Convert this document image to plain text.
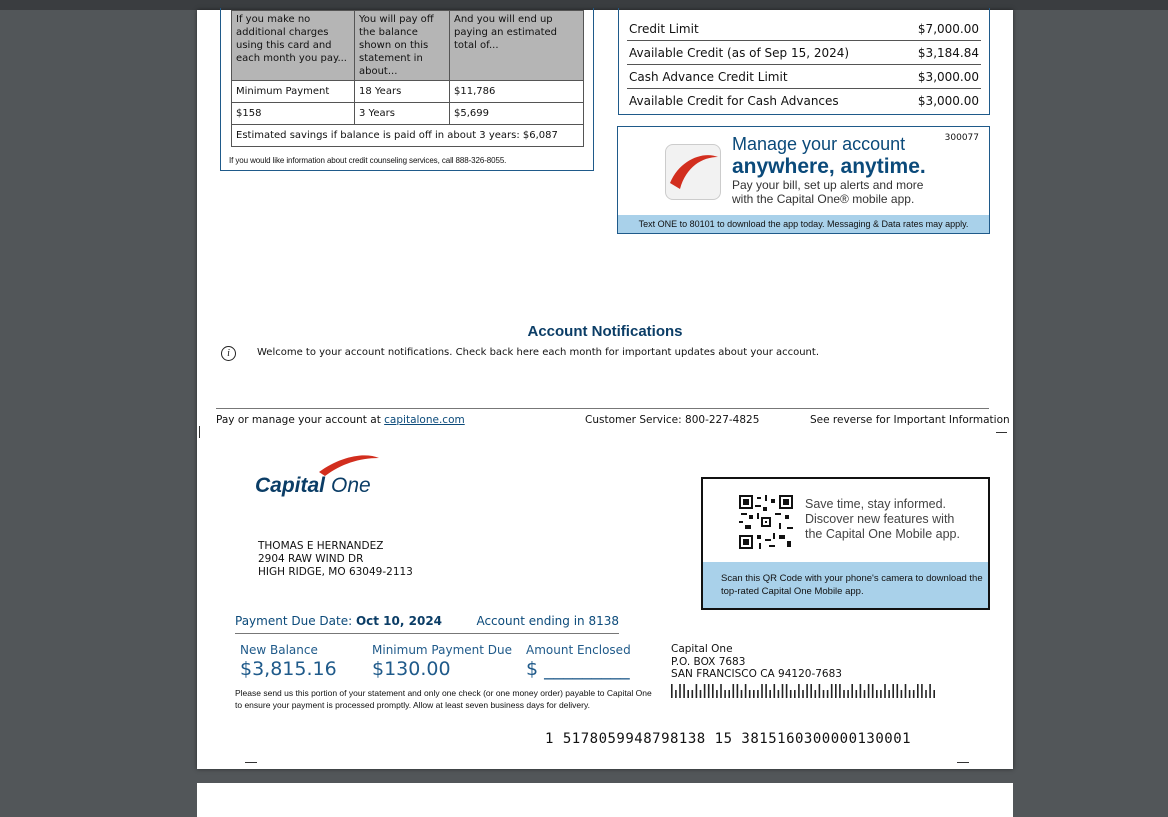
If you make no additional charges using this card and each month you pay...	You will pay off the balance shown on this statement in about...	And you will end up paying an estimated total of...
Minimum Payment	18 Years	$11,786
$158	3 Years	$5,699
Estimated savings if balance is paid off in about 3 years: $6,087		
If you would like information about credit counseling services, call 888-326-8055.
Credit Limit	$7,000.00
Available Credit (as of Sep 15, 2024)	$3,184.84
Cash Advance Credit Limit	$3,000.00
Available Credit for Cash Advances	$3,000.00
300077
Manage your account
anywhere, anytime.
Pay your bill, set up alerts and more
with the Capital One® mobile app.
Text ONE to 80101 to download the app today. Messaging & Data rates may apply.
Account Notifications
i	Welcome to your account notifications. Check back here each month for important updates about your account.
Pay or manage your account at capitalone.com	Customer Service: 800-227-4825	See reverse for Important Information
Capital One
THOMAS E HERNANDEZ
2904 RAW WIND DR
HIGH RIDGE, MO 63049-2113
Save time, stay informed.
Discover new features with
the Capital One Mobile app.
Scan this QR Code with your phone's camera to download the
top-rated Capital One Mobile app.
Payment Due Date: Oct 10, 2024	Account ending in 8138
New Balance
$3,815.16
Minimum Payment Due
$130.00
Amount Enclosed
$ _________
Please send us this portion of your statement and only one check (or one money order) payable to Capital One
to ensure your payment is processed promptly. Allow at least seven business days for delivery.
Capital One
P.O. BOX 7683
SAN FRANCISCO CA 94120-7683
1 5178059948798138 15 3815160300000130001
